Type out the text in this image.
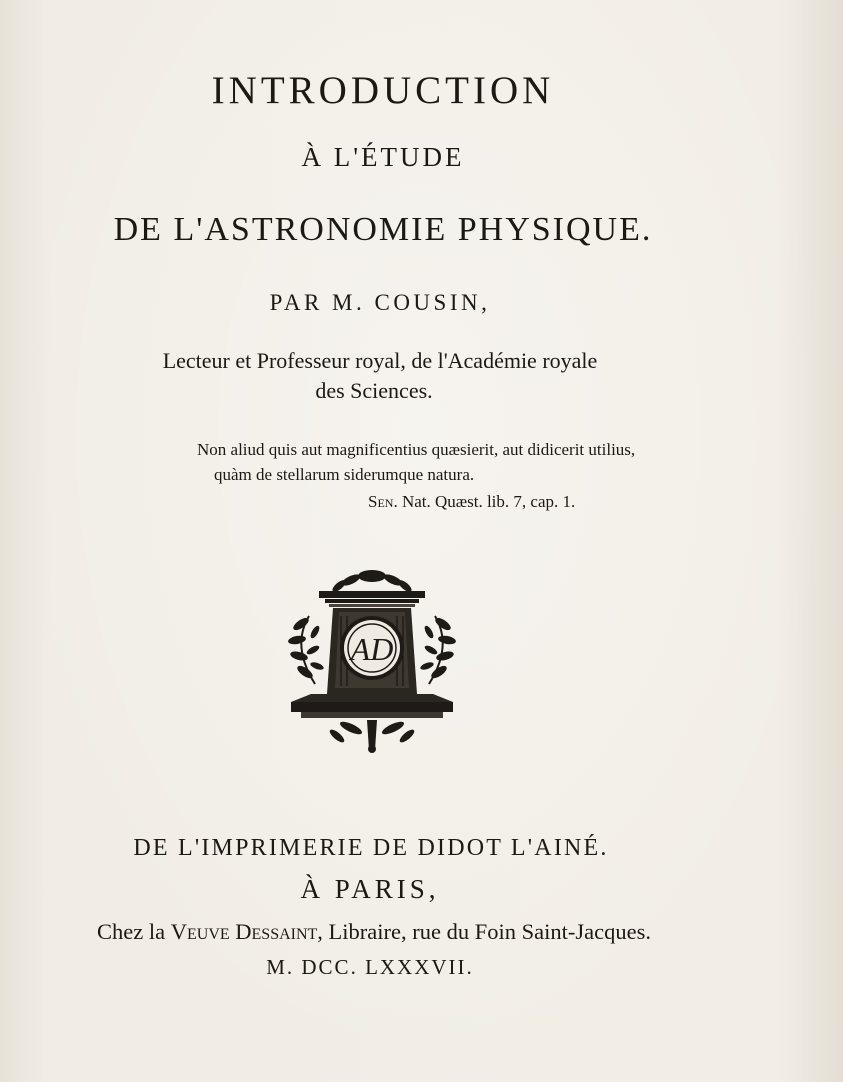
INTRODUCTION
À L'ÉTUDE
DE L'ASTRONOMIE PHYSIQUE.
PAR M. COUSIN,
Lecteur et Professeur royal, de l'Académie royale
des Sciences.
Non aliud quis aut magnificentius quæsierit, aut didicerit utilius,
quàm de stellarum siderumque natura.
Sen. Nat. Quæst. lib. 7, cap. 1.
AD
DE L'IMPRIMERIE DE DIDOT L'AINÉ.
À PARIS,
Chez la Veuve Dessaint, Libraire, rue du Foin Saint-Jacques.
M. DCC. LXXXVII.
